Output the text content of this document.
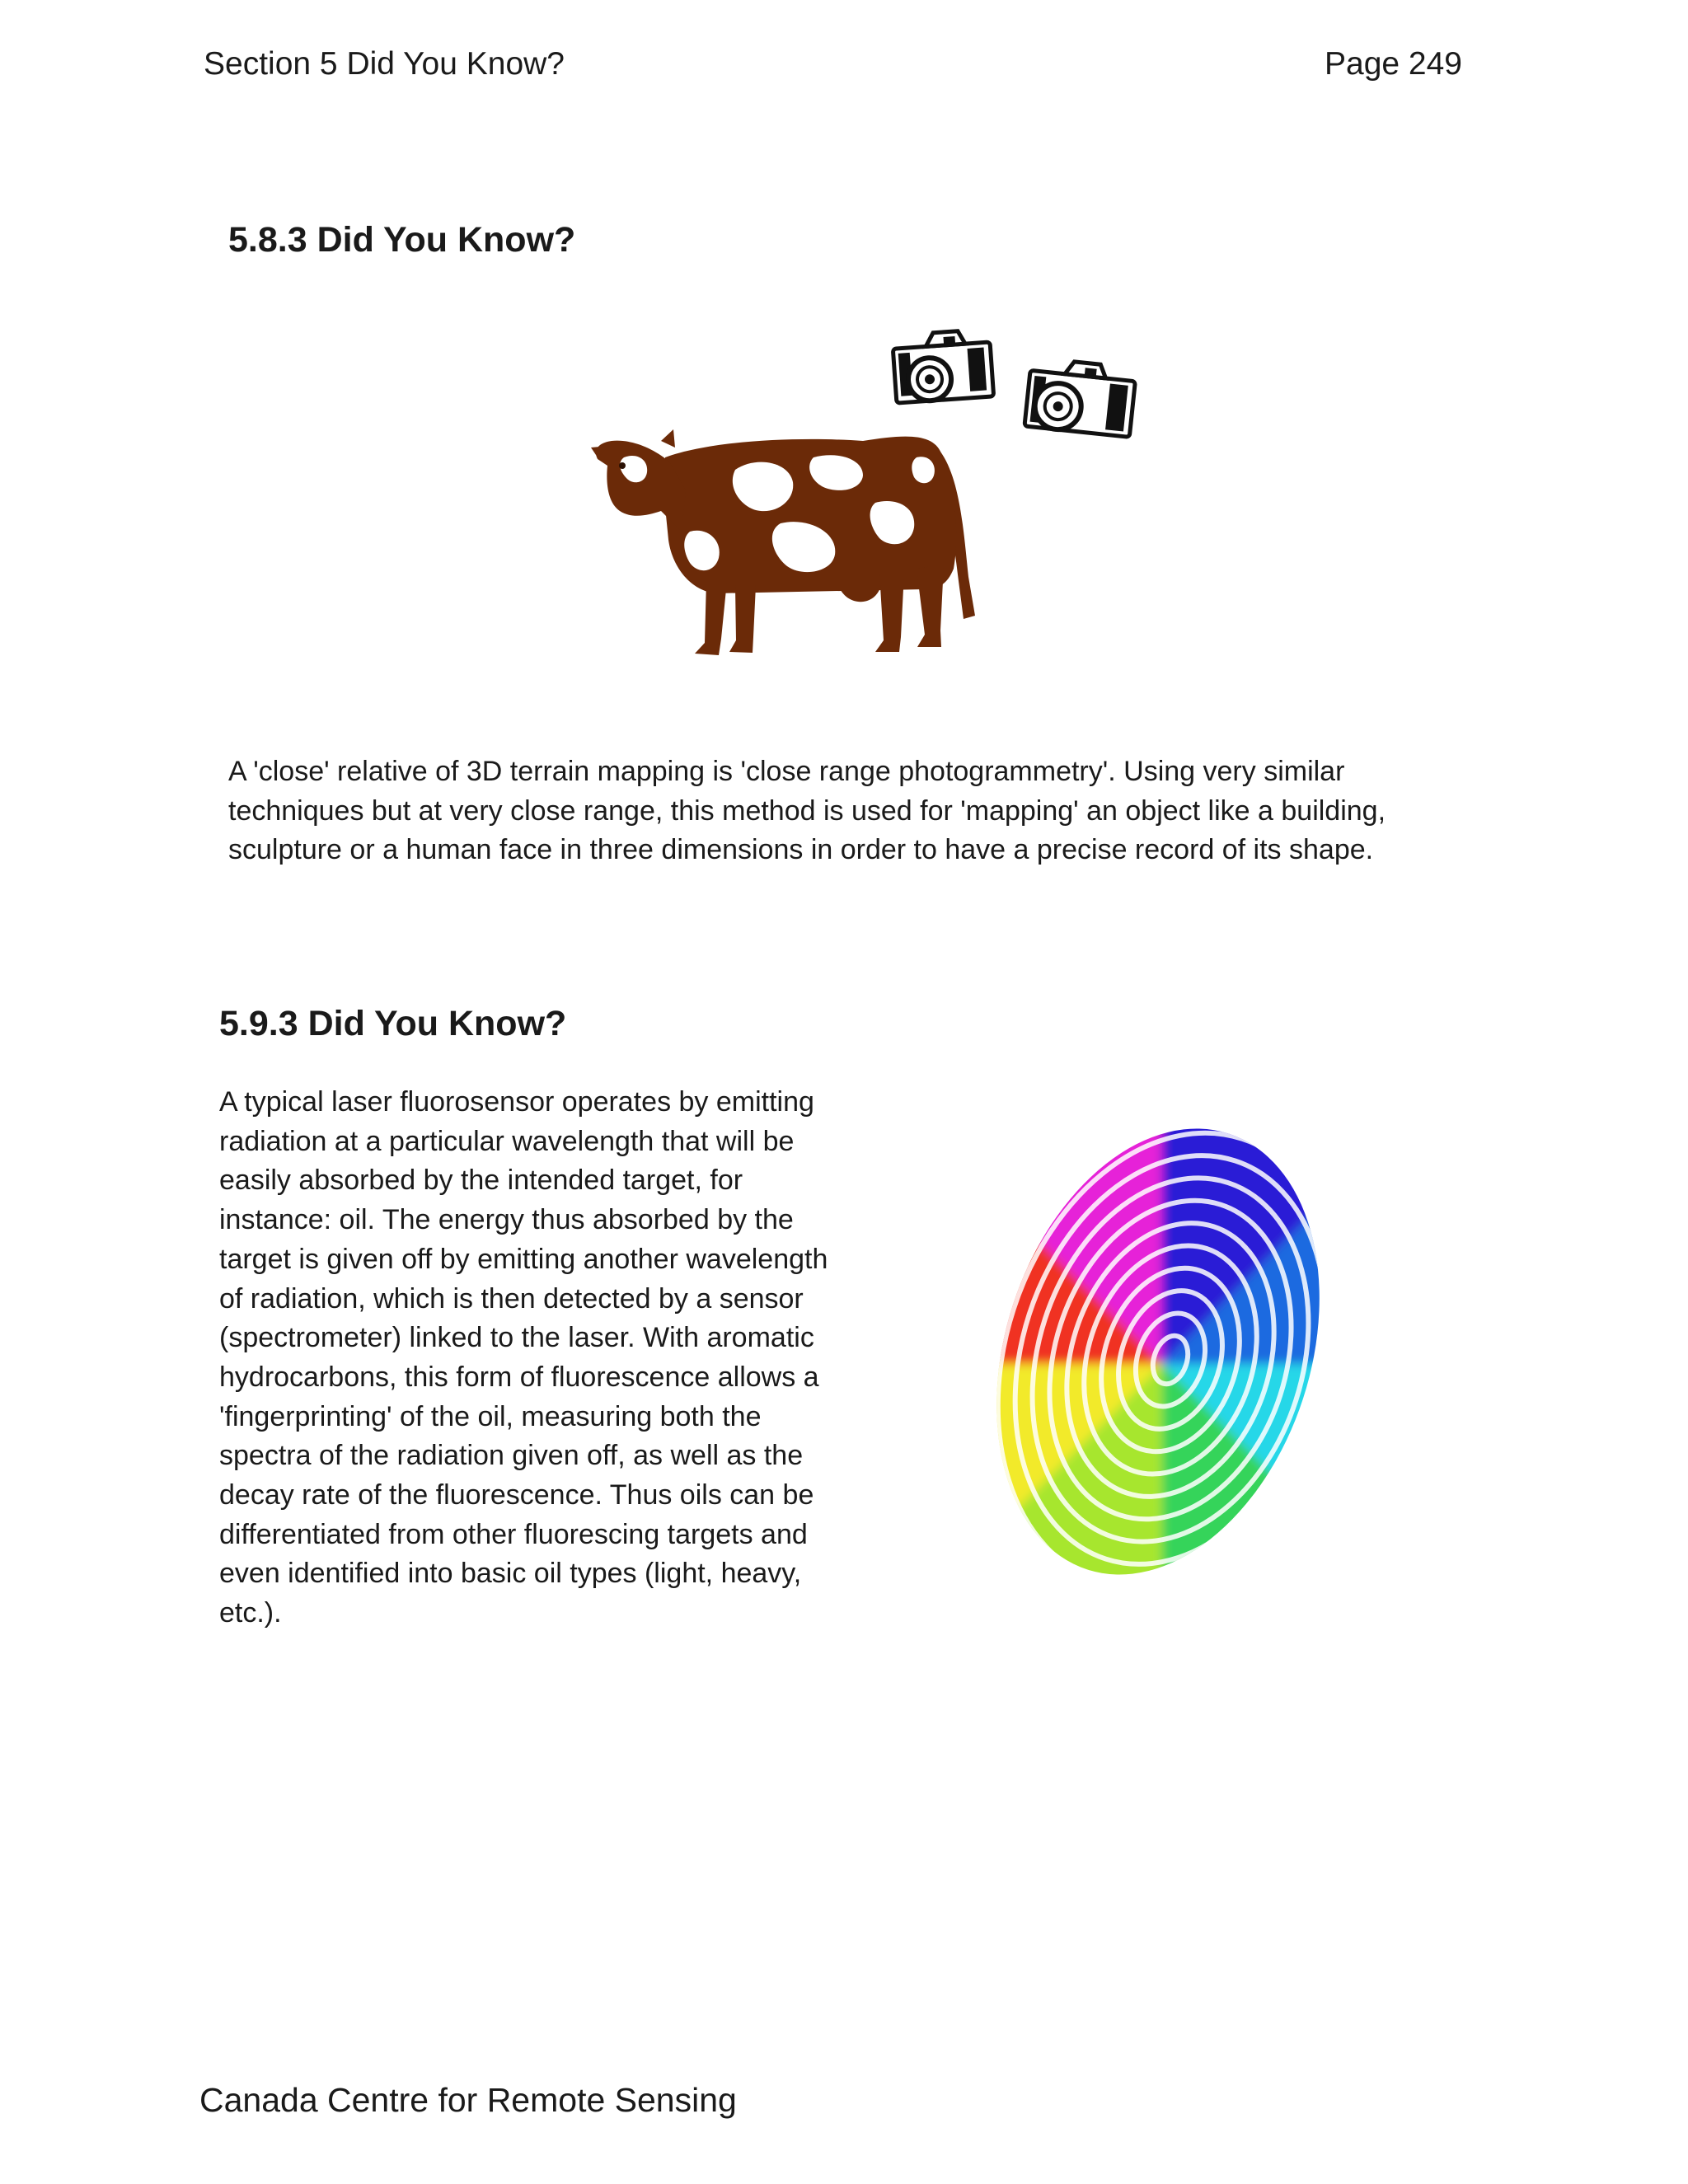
Section 5 Did You Know?	Page 249
5.8.3 Did You Know?
A 'close' relative of 3D terrain mapping is 'close range photogrammetry'. Using very similar
techniques but at very close range, this method is used for 'mapping' an object like a building,
sculpture or a human face in three dimensions in order to have a precise record of its shape.
5.9.3 Did You Know?
A typical laser fluorosensor operates by emitting
radiation at a particular wavelength that will be
easily absorbed by the intended target, for
instance: oil. The energy thus absorbed by the
target is given off by emitting another wavelength
of radiation, which is then detected by a sensor
(spectrometer) linked to the laser. With aromatic
hydrocarbons, this form of fluorescence allows a
'fingerprinting' of the oil, measuring both the
spectra of the radiation given off, as well as the
decay rate of the fluorescence. Thus oils can be
differentiated from other fluorescing targets and
even identified into basic oil types (light, heavy,
etc.).
Canada Centre for Remote Sensing
